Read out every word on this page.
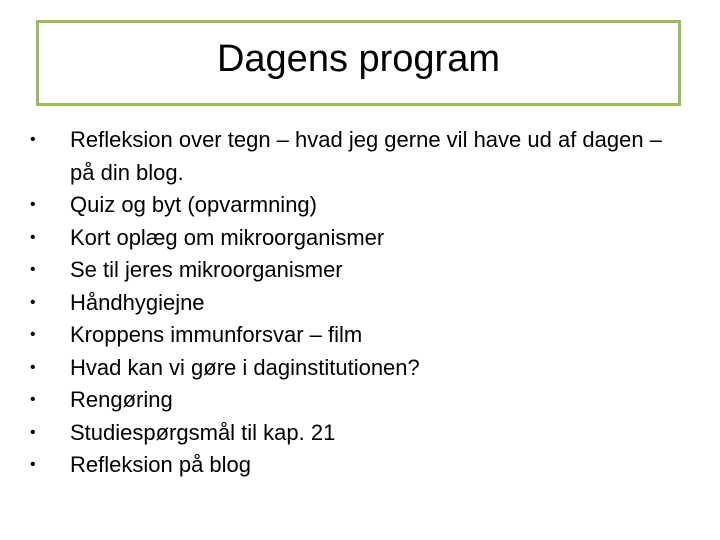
Dagens program
• Refleksion over tegn – hvad jeg gerne vil have ud af dagen – på din blog.
• Quiz og byt (opvarmning)
• Kort oplæg om mikroorganismer
• Se til jeres mikroorganismer
• Håndhygiejne
• Kroppens immunforsvar – film
• Hvad kan vi gøre i daginstitutionen?
• Rengøring
• Studiespørgsmål til kap. 21
• Refleksion på blog
